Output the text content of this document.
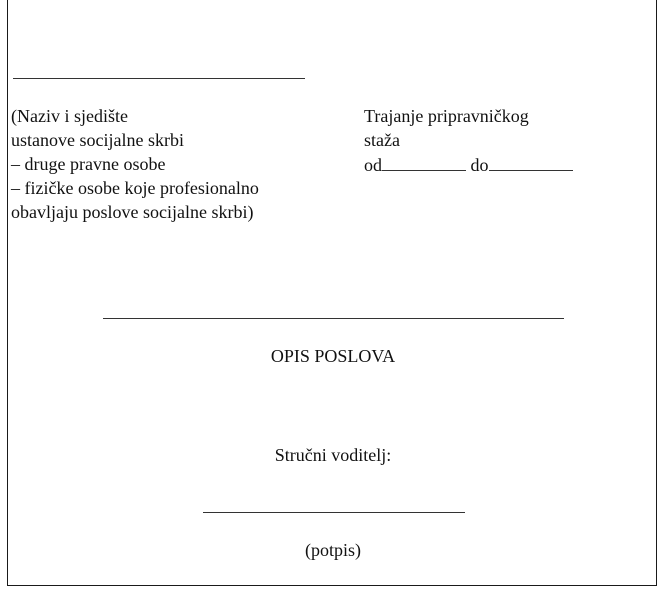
(Naziv i sjedište
ustanove socijalne skrbi
– druge pravne osobe
– fizičke osobe koje profesionalno
obavljaju poslove socijalne skrbi)
Trajanje pripravničkog
staža
od	do
OPIS POSLOVA
Stručni voditelj:
(potpis)
